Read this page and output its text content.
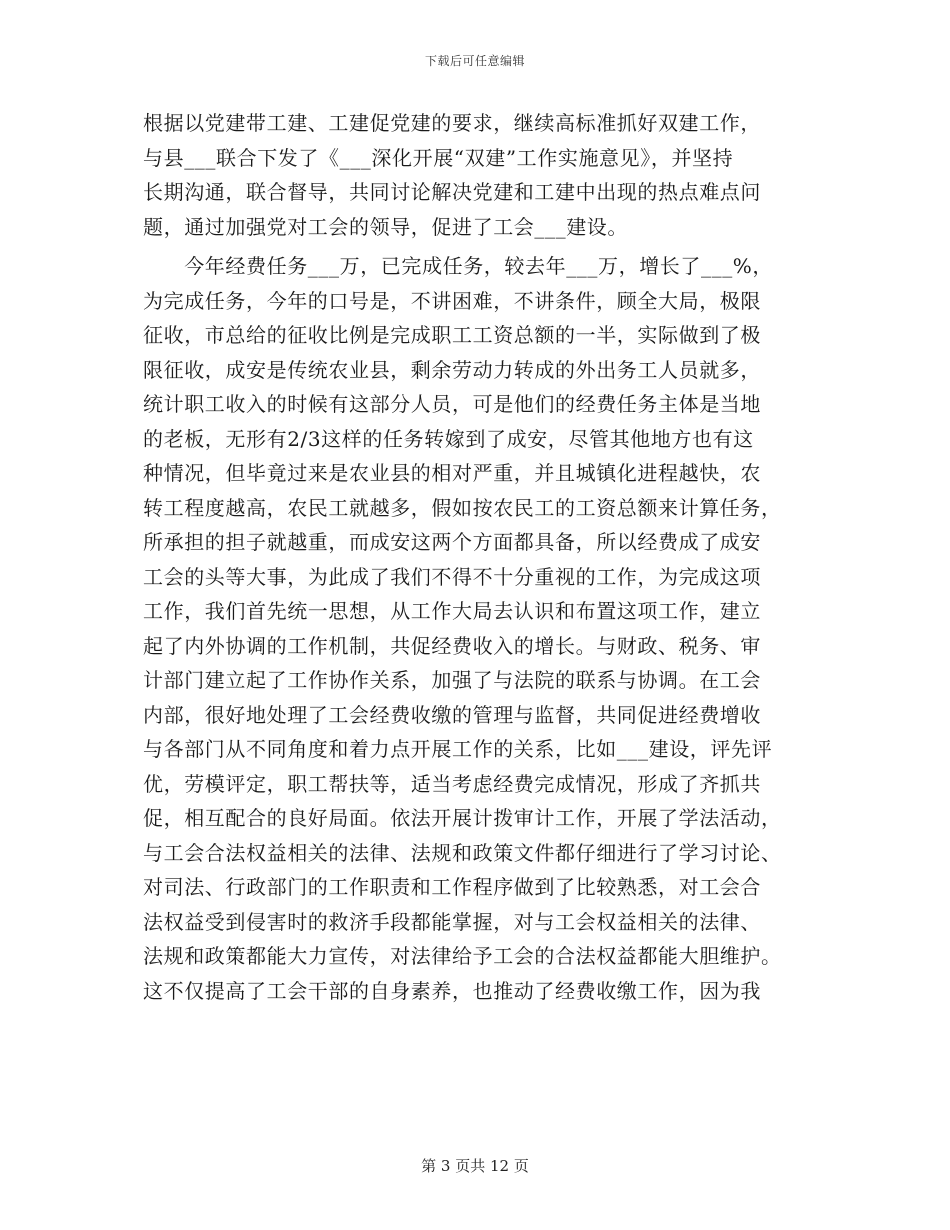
下载后可任意编辑
根据以党建带工建、工建促党建的要求，继续高标准抓好双建工作，
与县___联合下发了《___深化开展“双建”工作实施意见》，并坚持
长期沟通，联合督导，共同讨论解决党建和工建中出现的热点难点问
题，通过加强党对工会的领导，促进了工会___建设。
　　今年经费任务___万，已完成任务，较去年___万，增长了___%，
为完成任务，今年的口号是，不讲困难，不讲条件，顾全大局，极限
征收，市总给的征收比例是完成职工工资总额的一半，实际做到了极
限征收，成安是传统农业县，剩余劳动力转成的外出务工人员就多，
统计职工收入的时候有这部分人员，可是他们的经费任务主体是当地
的老板，无形有2/3这样的任务转嫁到了成安，尽管其他地方也有这
种情况，但毕竟过来是农业县的相对严重，并且城镇化进程越快，农
转工程度越高，农民工就越多，假如按农民工的工资总额来计算任务，
所承担的担子就越重，而成安这两个方面都具备，所以经费成了成安
工会的头等大事，为此成了我们不得不十分重视的工作，为完成这项
工作，我们首先统一思想，从工作大局去认识和布置这项工作，建立
起了内外协调的工作机制，共促经费收入的增长。与财政、税务、审
计部门建立起了工作协作关系，加强了与法院的联系与协调。在工会
内部，很好地处理了工会经费收缴的管理与监督，共同促进经费增收
与各部门从不同角度和着力点开展工作的关系，比如___建设，评先评
优，劳模评定，职工帮扶等，适当考虑经费完成情况，形成了齐抓共
促，相互配合的良好局面。依法开展计拨审计工作，开展了学法活动，
与工会合法权益相关的法律、法规和政策文件都仔细进行了学习讨论、
对司法、行政部门的工作职责和工作程序做到了比较熟悉，对工会合
法权益受到侵害时的救济手段都能掌握，对与工会权益相关的法律、
法规和政策都能大力宣传，对法律给予工会的合法权益都能大胆维护。
这不仅提高了工会干部的自身素养，也推动了经费收缴工作，因为我
第 3 页共 12 页
